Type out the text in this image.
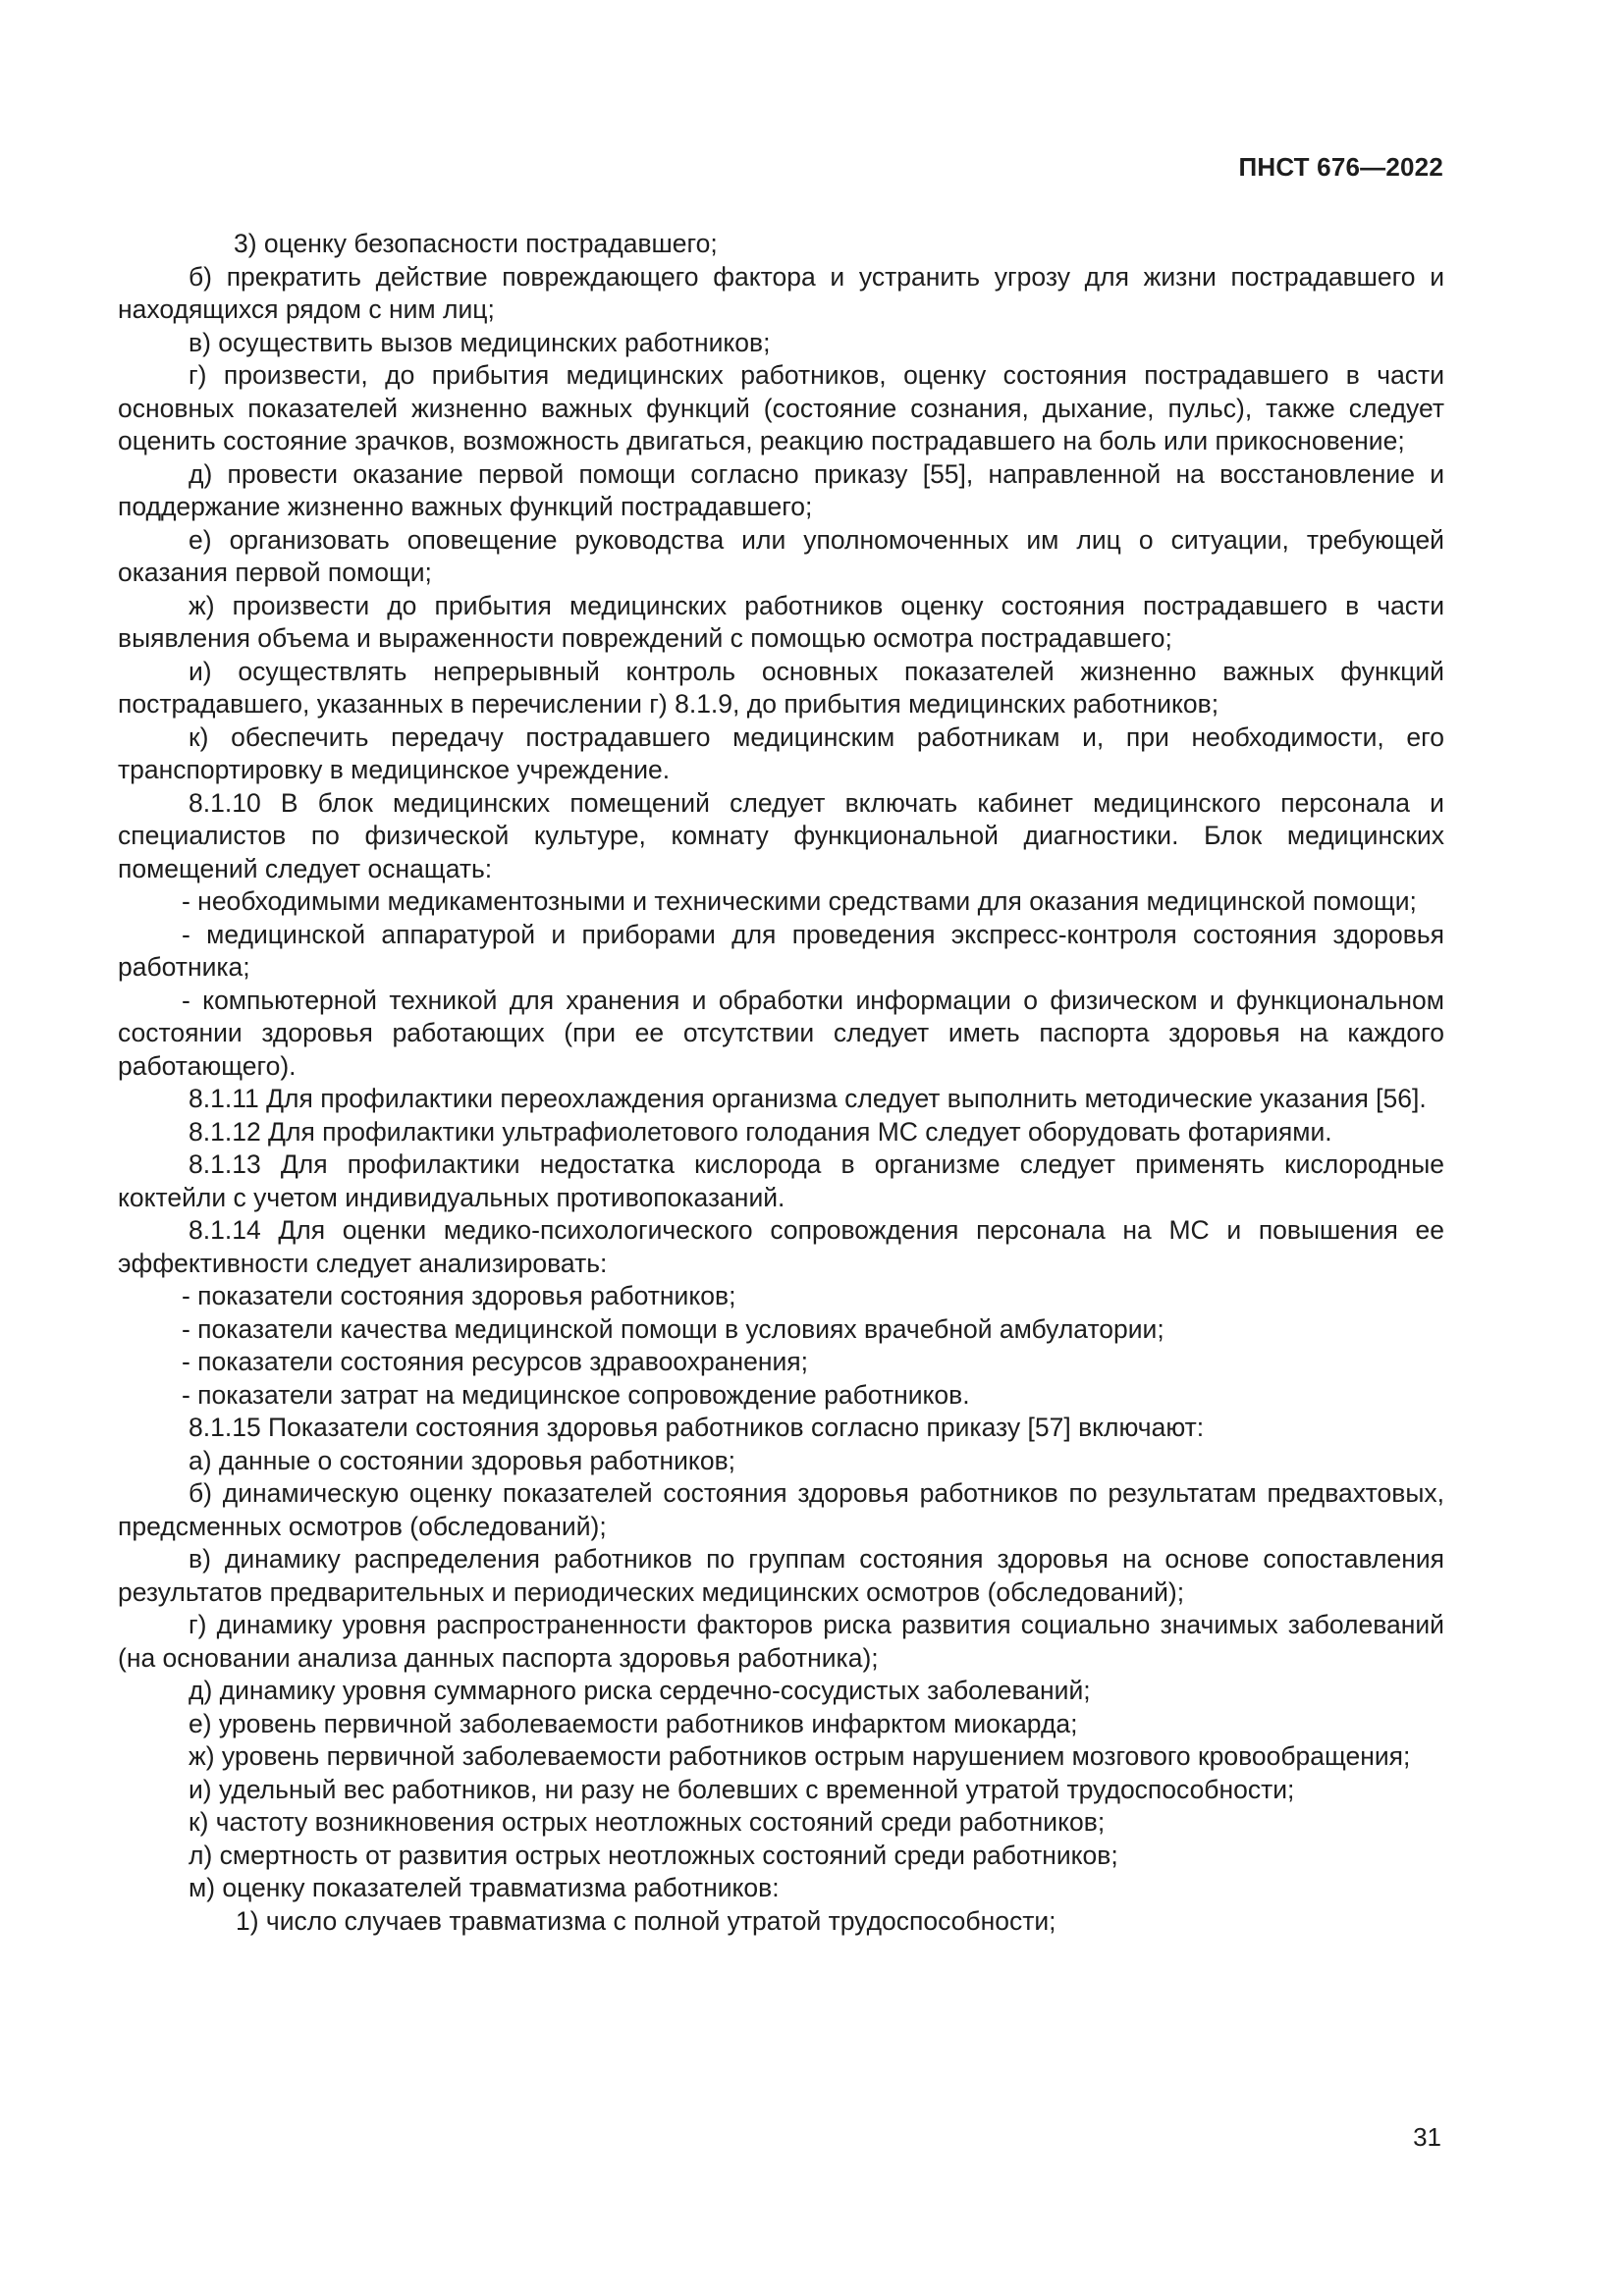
ПНСТ 676—2022

3) оценку безопасности пострадавшего;

б) прекратить действие повреждающего фактора и устранить угрозу для жизни пострадавшего и находящихся рядом с ним лиц;

в) осуществить вызов медицинских работников;

г) произвести, до прибытия медицинских работников, оценку состояния пострадавшего в части основных показателей жизненно важных функций (состояние сознания, дыхание, пульс), также следует оценить состояние зрачков, возможность двигаться, реакцию пострадавшего на боль или прикосновение;

д) провести оказание первой помощи согласно приказу [55], направленной на восстановление и поддержание жизненно важных функций пострадавшего;

е) организовать оповещение руководства или уполномоченных им лиц о ситуации, требующей оказания первой помощи;

ж) произвести до прибытия медицинских работников оценку состояния пострадавшего в части выявления объема и выраженности повреждений с помощью осмотра пострадавшего;

и) осуществлять непрерывный контроль основных показателей жизненно важных функций пострадавшего, указанных в перечислении г) 8.1.9, до прибытия медицинских работников;

к) обеспечить передачу пострадавшего медицинским работникам и, при необходимости, его транспортировку в медицинское учреждение.

8.1.10 В блок медицинских помещений следует включать кабинет медицинского персонала и специалистов по физической культуре, комнату функциональной диагностики. Блок медицинских помещений следует оснащать:

- необходимыми медикаментозными и техническими средствами для оказания медицинской помощи;

- медицинской аппаратурой и приборами для проведения экспресс-контроля состояния здоровья работника;

- компьютерной техникой для хранения и обработки информации о физическом и функциональном состоянии здоровья работающих (при ее отсутствии следует иметь паспорта здоровья на каждого работающего).

8.1.11 Для профилактики переохлаждения организма следует выполнить методические указания [56].

8.1.12 Для профилактики ультрафиолетового голодания МС следует оборудовать фотариями.

8.1.13 Для профилактики недостатка кислорода в организме следует применять кислородные коктейли с учетом индивидуальных противопоказаний.

8.1.14 Для оценки медико-психологического сопровождения персонала на МС и повышения ее эффективности следует анализировать:

- показатели состояния здоровья работников;

- показатели качества медицинской помощи в условиях врачебной амбулатории;

- показатели состояния ресурсов здравоохранения;

- показатели затрат на медицинское сопровождение работников.

8.1.15 Показатели состояния здоровья работников согласно приказу [57] включают:

а) данные о состоянии здоровья работников;

б) динамическую оценку показателей состояния здоровья работников по результатам предвахтовых, предсменных осмотров (обследований);

в) динамику распределения работников по группам состояния здоровья на основе сопоставления результатов предварительных и периодических медицинских осмотров (обследований);

г) динамику уровня распространенности факторов риска развития социально значимых заболеваний (на основании анализа данных паспорта здоровья работника);

д) динамику уровня суммарного риска сердечно-сосудистых заболеваний;

е) уровень первичной заболеваемости работников инфарктом миокарда;

ж) уровень первичной заболеваемости работников острым нарушением мозгового кровообращения;

и) удельный вес работников, ни разу не болевших с временной утратой трудоспособности;

к) частоту возникновения острых неотложных состояний среди работников;

л) смертность от развития острых неотложных состояний среди работников;

м) оценку показателей травматизма работников:

1) число случаев травматизма с полной утратой трудоспособности;

31
